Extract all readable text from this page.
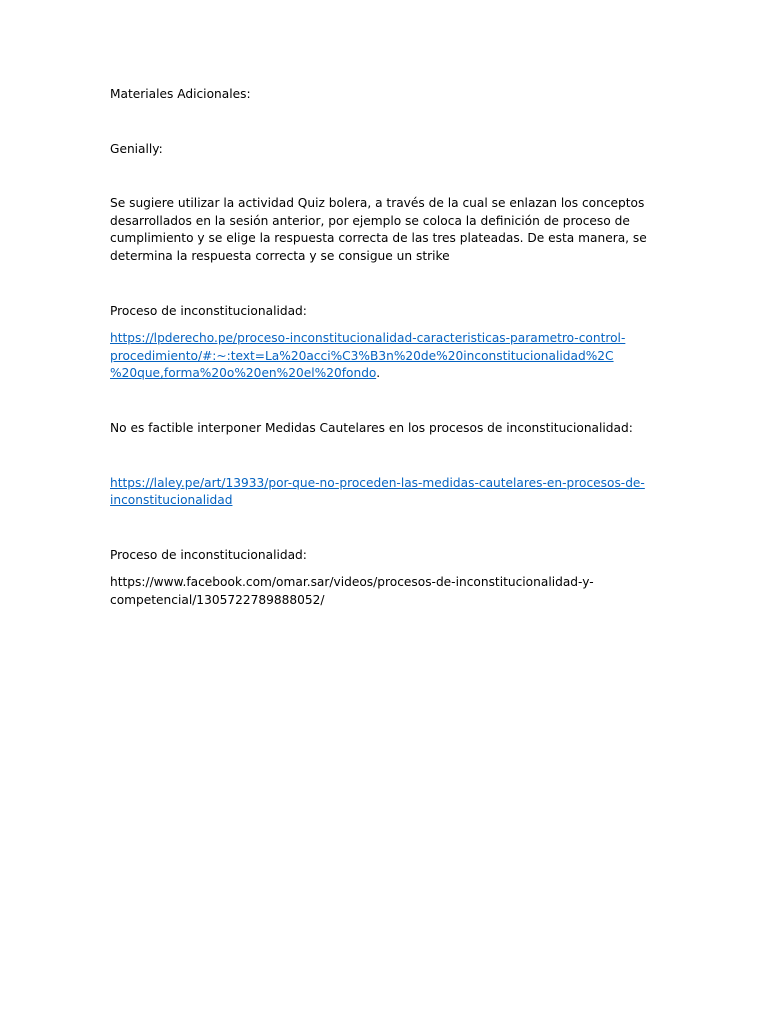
Materiales Adicionales:

Genially:

Se sugiere utilizar la actividad Quiz bolera, a través de la cual se enlazan los conceptos
desarrollados en la sesión anterior, por ejemplo se coloca la definición de proceso de
cumplimiento y se elige la respuesta correcta de las tres plateadas. De esta manera, se
determina la respuesta correcta y se consigue un strike

Proceso de inconstitucionalidad:

https://lpderecho.pe/proceso-inconstitucionalidad-caracteristicas-parametro-control-
procedimiento/#:~:text=La%20acci%C3%B3n%20de%20inconstitucionalidad%2C
%20que,forma%20o%20en%20el%20fondo.

No es factible interponer Medidas Cautelares en los procesos de inconstitucionalidad:

https://laley.pe/art/13933/por-que-no-proceden-las-medidas-cautelares-en-procesos-de-
inconstitucionalidad

Proceso de inconstitucionalidad:

https://www.facebook.com/omar.sar/videos/procesos-de-inconstitucionalidad-y-
competencial/1305722789888052/
